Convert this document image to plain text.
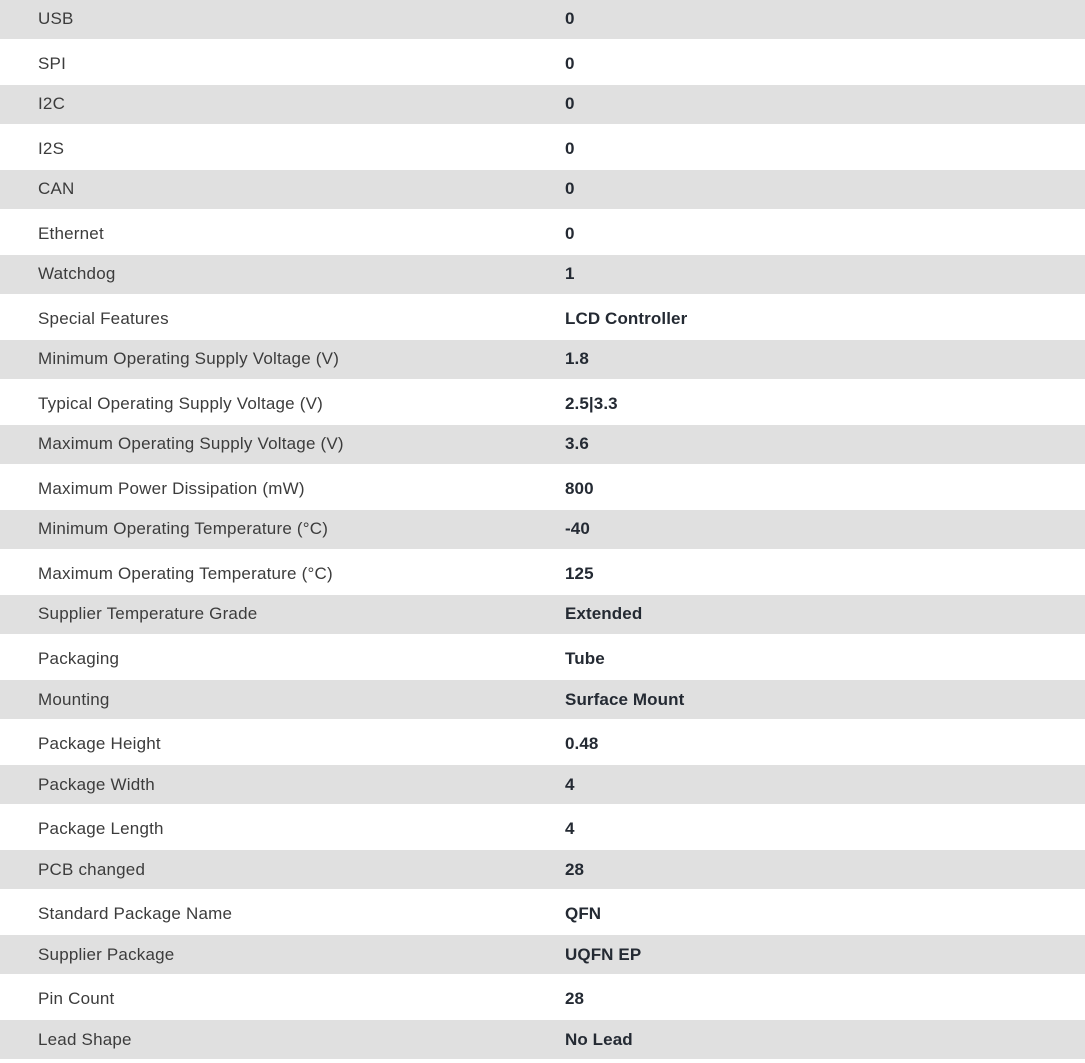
USB	0
SPI	0
I2C	0
I2S	0
CAN	0
Ethernet	0
Watchdog	1
Special Features	LCD Controller
Minimum Operating Supply Voltage (V)	1.8
Typical Operating Supply Voltage (V)	2.5|3.3
Maximum Operating Supply Voltage (V)	3.6
Maximum Power Dissipation (mW)	800
Minimum Operating Temperature (°C)	-40
Maximum Operating Temperature (°C)	125
Supplier Temperature Grade	Extended
Packaging	Tube
Mounting	Surface Mount
Package Height	0.48
Package Width	4
Package Length	4
PCB changed	28
Standard Package Name	QFN
Supplier Package	UQFN EP
Pin Count	28
Lead Shape	No Lead
